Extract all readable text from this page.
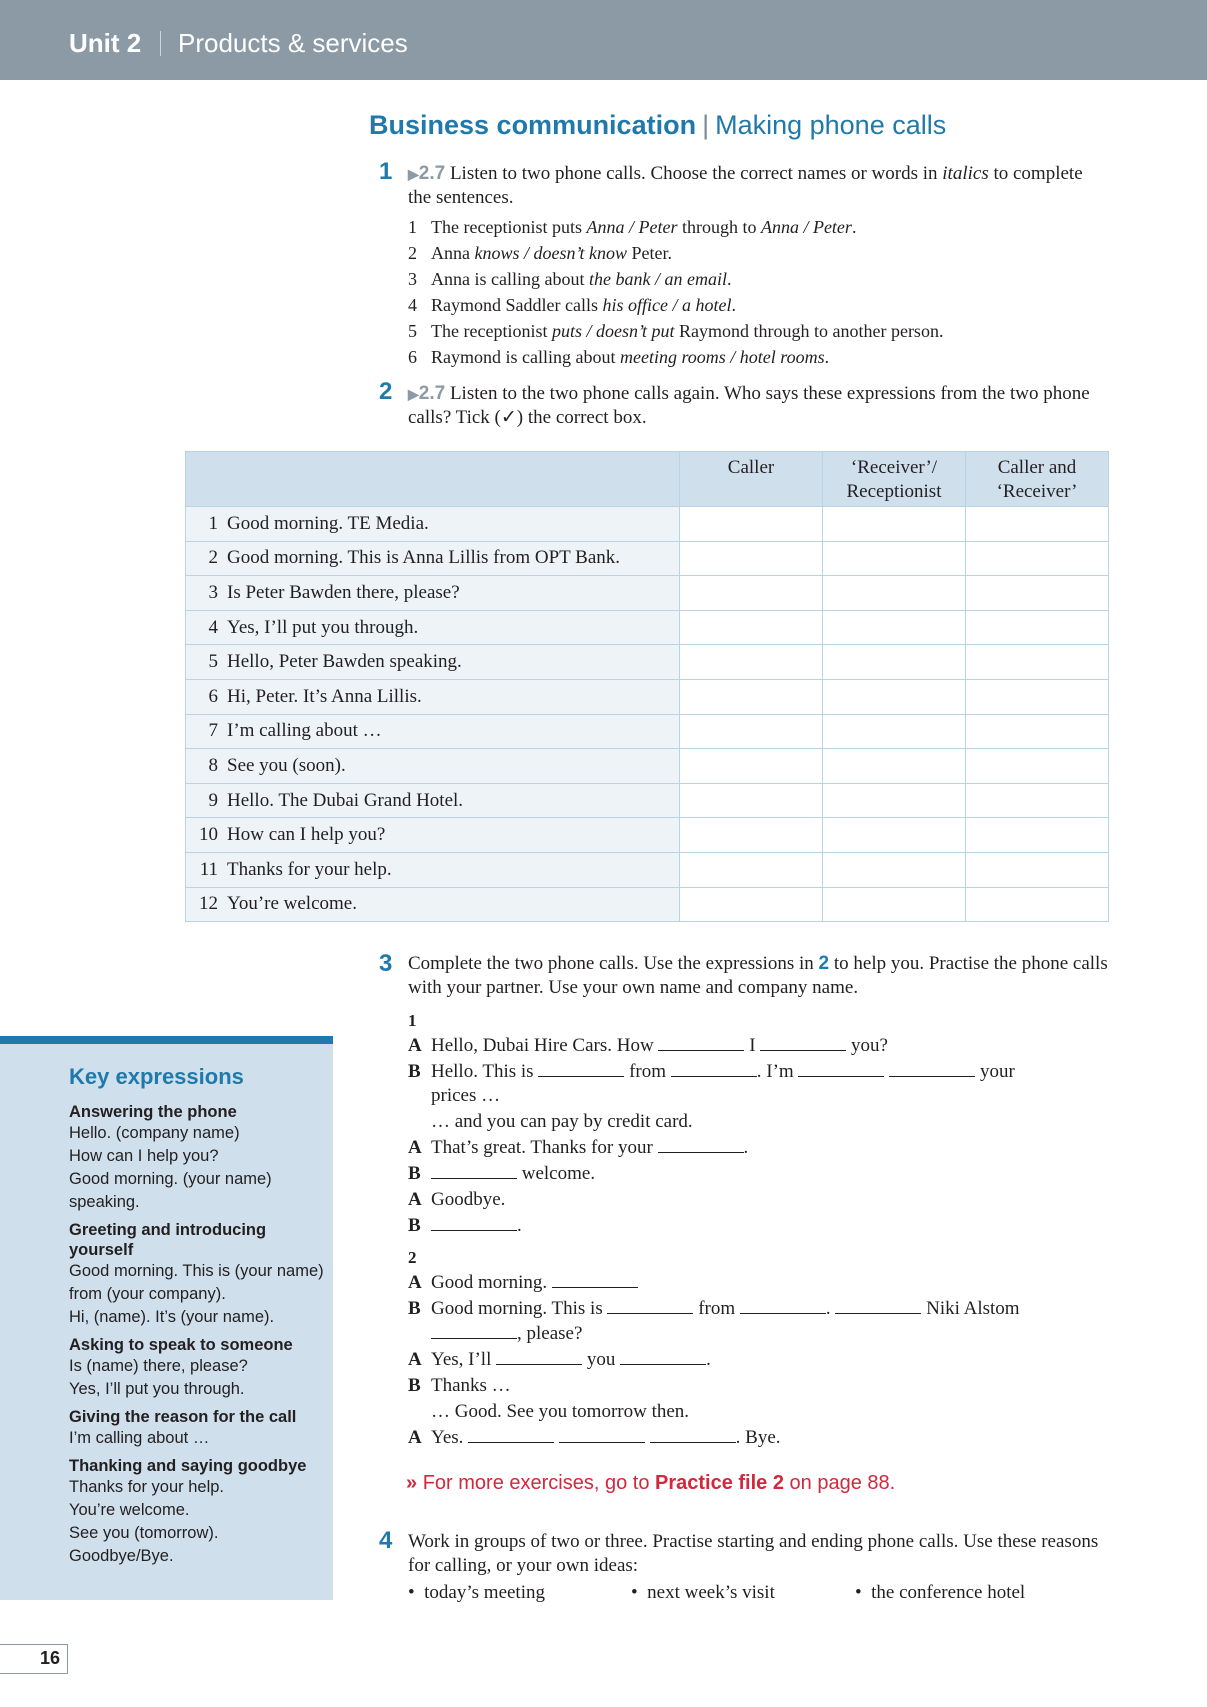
Unit 2 Products & services
Business communication | Making phone calls
1 ▶2.7 Listen to two phone calls. Choose the correct names or words in italics to complete the sentences.
1 The receptionist puts Anna / Peter through to Anna / Peter.
2 Anna knows / doesn’t know Peter.
3 Anna is calling about the bank / an email.
4 Raymond Saddler calls his office / a hotel.
5 The receptionist puts / doesn’t put Raymond through to another person.
6 Raymond is calling about meeting rooms / hotel rooms.
2 ▶2.7 Listen to the two phone calls again. Who says these expressions from the two phone calls? Tick (✓) the correct box.
	Caller	‘Receiver’/ Receptionist	Caller and ‘Receiver’
1 Good morning. TE Media.			
2 Good morning. This is Anna Lillis from OPT Bank.			
3 Is Peter Bawden there, please?			
4 Yes, I’ll put you through.			
5 Hello, Peter Bawden speaking.			
6 Hi, Peter. It’s Anna Lillis.			
7 I’m calling about …			
8 See you (soon).			
9 Hello. The Dubai Grand Hotel.			
10 How can I help you?			
11 Thanks for your help.			
12 You’re welcome.			
Key expressions
Answering the phone
Hello. (company name)
How can I help you?
Good morning. (your name) speaking.
Greeting and introducing yourself
Good morning. This is (your name) from (your company).
Hi, (name). It’s (your name).
Asking to speak to someone
Is (name) there, please?
Yes, I’ll put you through.
Giving the reason for the call
I’m calling about …
Thanking and saying goodbye
Thanks for your help.
You’re welcome.
See you (tomorrow).
Goodbye/Bye.
3 Complete the two phone calls. Use the expressions in 2 to help you. Practise the phone calls with your partner. Use your own name and company name.
1
A Hello, Dubai Hire Cars. How	I	you?
B Hello. This is	from	. I’m	your
prices …
… and you can pay by credit card.
A That’s great. Thanks for your	.
B	welcome.
A Goodbye.
B	.
2
A Good morning.
B Good morning. This is	from	.	Niki Alstom
, please?
A Yes, I’ll	you	.
B Thanks …
… Good. See you tomorrow then.
A Yes.	. Bye.
» For more exercises, go to Practice file 2 on page 88.
4 Work in groups of two or three. Practise starting and ending phone calls. Use these reasons for calling, or your own ideas:
• today’s meeting	• next week’s visit	• the conference hotel
16
